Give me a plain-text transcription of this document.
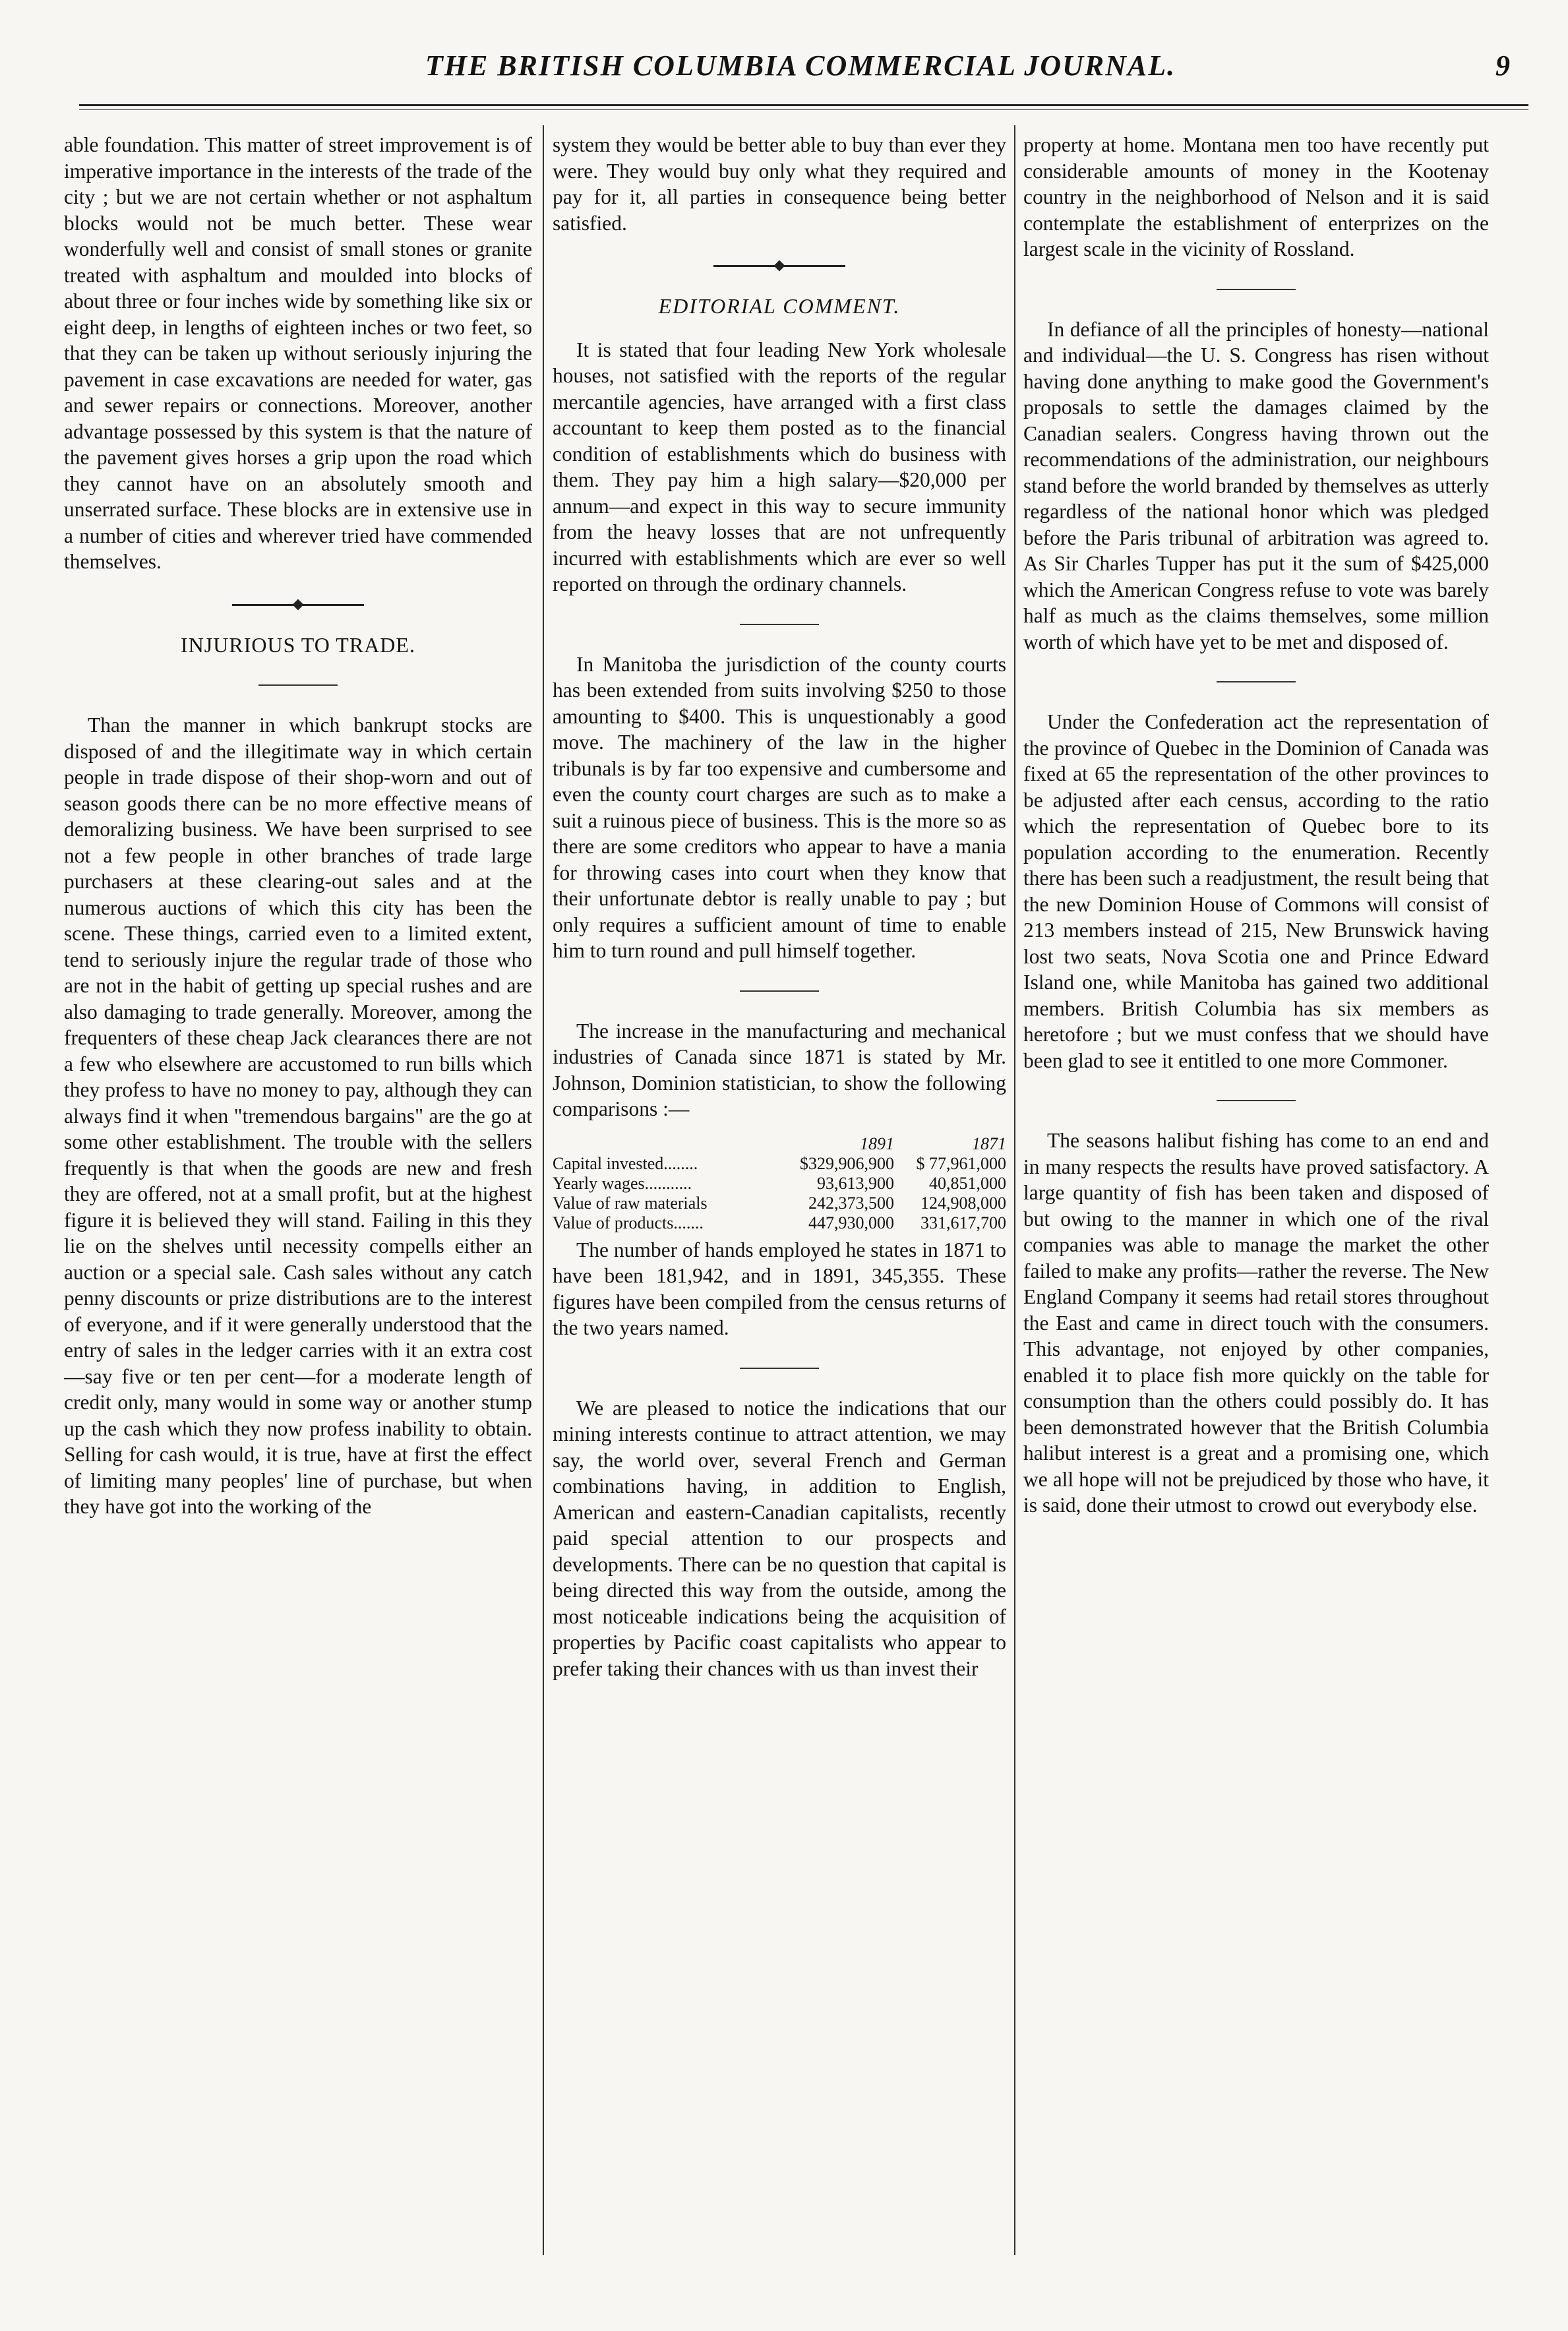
THE BRITISH COLUMBIA COMMERCIAL JOURNAL.	9

able foundation. This matter of street improvement is of imperative importance in the interests of the trade of the city ; but we are not certain whether or not asphaltum blocks would not be much better. These wear wonderfully well and consist of small stones or granite treated with asphaltum and moulded into blocks of about three or four inches wide by something like six or eight deep, in lengths of eighteen inches or two feet, so that they can be taken up without seriously injuring the pavement in case excavations are needed for water, gas and sewer repairs or connections. Moreover, another advantage possessed by this system is that the nature of the pavement gives horses a grip upon the road which they cannot have on an absolutely smooth and unserrated surface. These blocks are in extensive use in a number of cities and wherever tried have commended themselves.

INJURIOUS TO TRADE.

Than the manner in which bankrupt stocks are disposed of and the illegitimate way in which certain people in trade dispose of their shop-worn and out of season goods there can be no more effective means of demoralizing business. We have been surprised to see not a few people in other branches of trade large purchasers at these clearing-out sales and at the numerous auctions of which this city has been the scene. These things, carried even to a limited extent, tend to seriously injure the regular trade of those who are not in the habit of getting up special rushes and are also damaging to trade generally. Moreover, among the frequenters of these cheap Jack clearances there are not a few who elsewhere are accustomed to run bills which they profess to have no money to pay, although they can always find it when "tremendous bargains" are the go at some other establishment. The trouble with the sellers frequently is that when the goods are new and fresh they are offered, not at a small profit, but at the highest figure it is believed they will stand. Failing in this they lie on the shelves until necessity compells either an auction or a special sale. Cash sales without any catch penny discounts or prize distributions are to the interest of everyone, and if it were generally understood that the entry of sales in the ledger carries with it an extra cost—say five or ten per cent—for a moderate length of credit only, many would in some way or another stump up the cash which they now profess inability to obtain. Selling for cash would, it is true, have at first the effect of limiting many peoples' line of purchase, but when they have got into the working of the

system they would be better able to buy than ever they were. They would buy only what they required and pay for it, all parties in consequence being better satisfied.

EDITORIAL COMMENT.

It is stated that four leading New York wholesale houses, not satisfied with the reports of the regular mercantile agencies, have arranged with a first class accountant to keep them posted as to the financial condition of establishments which do business with them. They pay him a high salary—$20,000 per annum—and expect in this way to secure immunity from the heavy losses that are not unfrequently incurred with establishments which are ever so well reported on through the ordinary channels.

In Manitoba the jurisdiction of the county courts has been extended from suits involving $250 to those amounting to $400. This is unquestionably a good move. The machinery of the law in the higher tribunals is by far too expensive and cumbersome and even the county court charges are such as to make a suit a ruinous piece of business. This is the more so as there are some creditors who appear to have a mania for throwing cases into court when they know that their unfortunate debtor is really unable to pay ; but only requires a sufficient amount of time to enable him to turn round and pull himself together.

The increase in the manufacturing and mechanical industries of Canada since 1871 is stated by Mr. Johnson, Dominion statistician, to show the following comparisons :—

1891	1871
Capital invested........	$329,906,900	$ 77,961,000
Yearly wages...........	93,613,900	40,851,000
Value of raw materials	242,373,500	124,908,000
Value of products.......	447,930,000	331,617,700

The number of hands employed he states in 1871 to have been 181,942, and in 1891, 345,355. These figures have been compiled from the census returns of the two years named.

We are pleased to notice the indications that our mining interests continue to attract attention, we may say, the world over, several French and German combinations having, in addition to English, American and eastern-Canadian capitalists, recently paid special attention to our prospects and developments. There can be no question that capital is being directed this way from the outside, among the most noticeable indications being the acquisition of properties by Pacific coast capitalists who appear to prefer taking their chances with us than invest their

property at home. Montana men too have recently put considerable amounts of money in the Kootenay country in the neighborhood of Nelson and it is said contemplate the establishment of enterprizes on the largest scale in the vicinity of Rossland.

In defiance of all the principles of honesty—national and individual—the U. S. Congress has risen without having done anything to make good the Government's proposals to settle the damages claimed by the Canadian sealers. Congress having thrown out the recommendations of the administration, our neighbours stand before the world branded by themselves as utterly regardless of the national honor which was pledged before the Paris tribunal of arbitration was agreed to. As Sir Charles Tupper has put it the sum of $425,000 which the American Congress refuse to vote was barely half as much as the claims themselves, some million worth of which have yet to be met and disposed of.

Under the Confederation act the representation of the province of Quebec in the Dominion of Canada was fixed at 65 the representation of the other provinces to be adjusted after each census, according to the ratio which the representation of Quebec bore to its population according to the enumeration. Recently there has been such a readjustment, the result being that the new Dominion House of Commons will consist of 213 members instead of 215, New Brunswick having lost two seats, Nova Scotia one and Prince Edward Island one, while Manitoba has gained two additional members. British Columbia has six members as heretofore ; but we must confess that we should have been glad to see it entitled to one more Commoner.

The seasons halibut fishing has come to an end and in many respects the results have proved satisfactory. A large quantity of fish has been taken and disposed of but owing to the manner in which one of the rival companies was able to manage the market the other failed to make any profits—rather the reverse. The New England Company it seems had retail stores throughout the East and came in direct touch with the consumers. This advantage, not enjoyed by other companies, enabled it to place fish more quickly on the table for consumption than the others could possibly do. It has been demonstrated however that the British Columbia halibut interest is a great and a promising one, which we all hope will not be prejudiced by those who have, it is said, done their utmost to crowd out everybody else.
